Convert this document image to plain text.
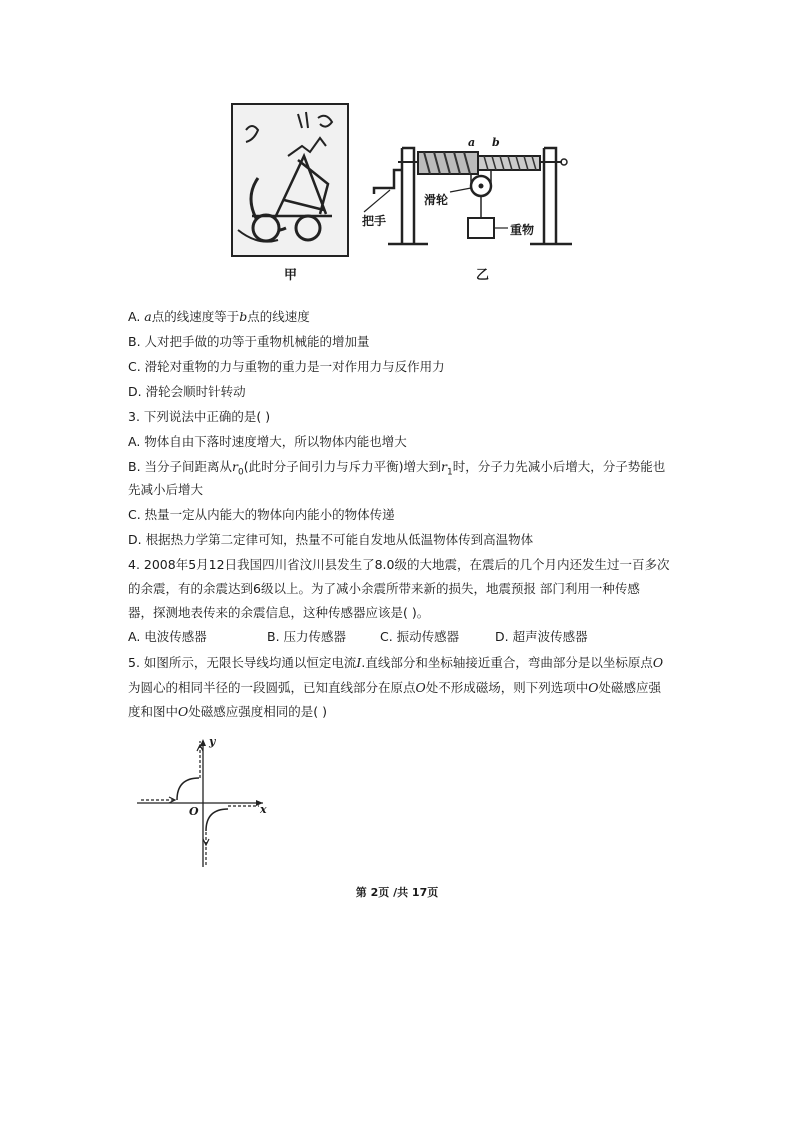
甲	乙
a b
把手
滑轮
重物
A. a点的线速度等于b点的线速度
B. 人对把手做的功等于重物机械能的增加量
C. 滑轮对重物的力与重物的重力是一对作用力与反作用力
D. 滑轮会顺时针转动
3. 下列说法中正确的是( )
A. 物体自由下落时速度增大，所以物体内能也增大
B. 当分子间距离从$r_0$(此时分子间引力与斥力平衡)增大到$r_1$时，分子力先减小后增大，分子势能也
先减小后增大
C. 热量一定从内能大的物体向内能小的物体传递
D. 根据热力学第二定律可知，热量不可能自发地从低温物体传到高温物体
4. 2008年5月12日我国四川省汶川县发生了8.0级的大地震，在震后的几个月内还发生过一百多次
的余震，有的余震达到6级以上。为了减小余震所带来新的损失，地震预报 部门利用一种传感
器，探测地表传来的余震信息，这种传感器应该是( )。
A. 电波传感器	B. 压力传感器	C. 振动传感器	D. 超声波传感器
5. 如图所示，无限长导线均通以恒定电流I.直线部分和坐标轴接近重合，弯曲部分是以坐标原点O
为圆心的相同半径的一段圆弧，已知直线部分在原点O处不形成磁场，则下列选项中O处磁感应强
度和图中O处磁感应强度相同的是( )
y
x
O
第 2页 /共 17页
